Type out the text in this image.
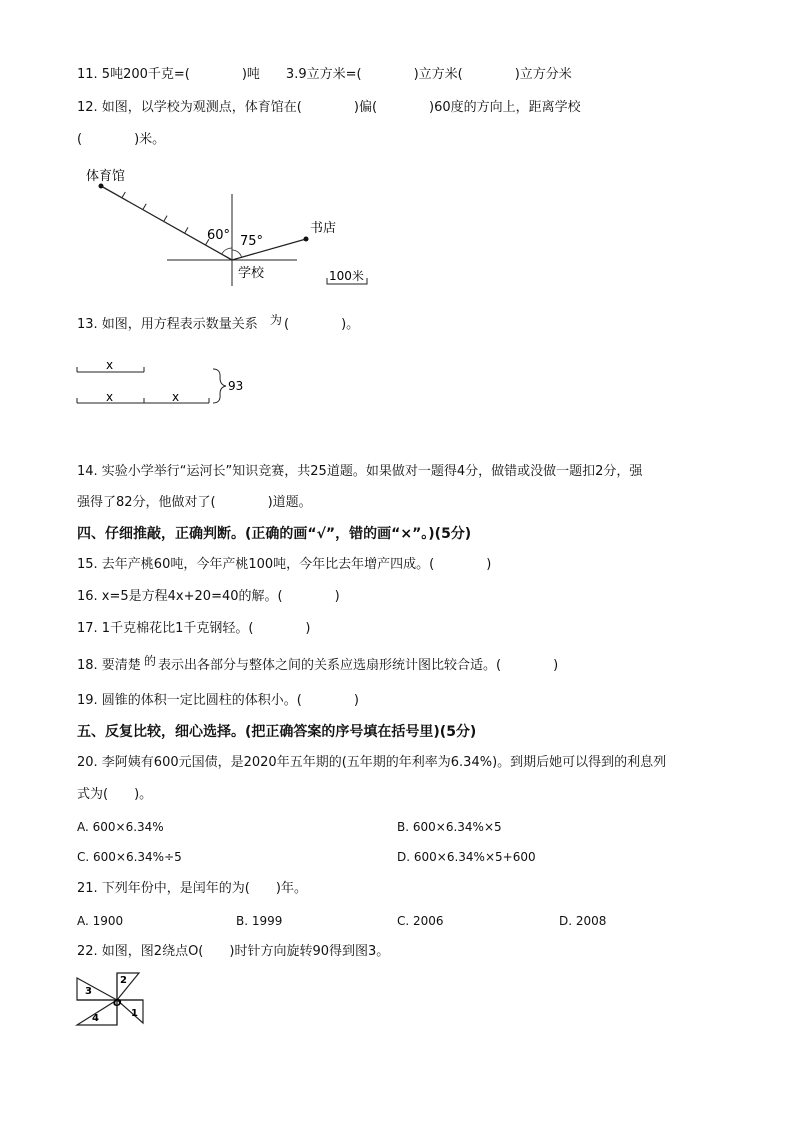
11. 5吨200千克=(　　　　)吨　　3.9立方米=(　　　　)立方米(　　　　)立方分米
12. 如图，以学校为观测点，体育馆在(　　　　)偏(　　　　)60度的方向上，距离学校
(　　　　)米。
体育馆
书店
学校
60° 75°
100米
13. 如图，用方程表示数量关系 为 (　　　　)。
x
x	x
93
14. 实验小学举行“运河长”知识竞赛，共25道题。如果做对一题得4分，做错或没做一题扣2分，强
强得了82分，他做对了(　　　　)道题。
四、仔细推敲，正确判断。(正确的画“√”，错的画“×”。)(5分)
15. 去年产桃60吨，今年产桃100吨，今年比去年增产四成。(　　　　)
16. x=5是方程4x+20=40的解。(　　　　)
17. 1千克棉花比1千克钢轻。(　　　　)
18. 要清楚 的 表示出各部分与整体之间的关系应选扇形统计图比较合适。(　　　　)
19. 圆锥的体积一定比圆柱的体积小。(　　　　)
五、反复比较，细心选择。(把正确答案的序号填在括号里)(5分)
20. 李阿姨有600元国债，是2020年五年期的(五年期的年利率为6.34%)。到期后她可以得到的利息列
式为(　　)。
A. 600×6.34%	B. 600×6.34%×5
C. 600×6.34%÷5	D. 600×6.34%×5+600
21. 下列年份中，是闰年的为(　　)年。
A. 1900	B. 1999	C. 2006	D. 2008
22. 如图，图2绕点O(　　)时针方向旋转90得到图3。
2
1
3
4
O
